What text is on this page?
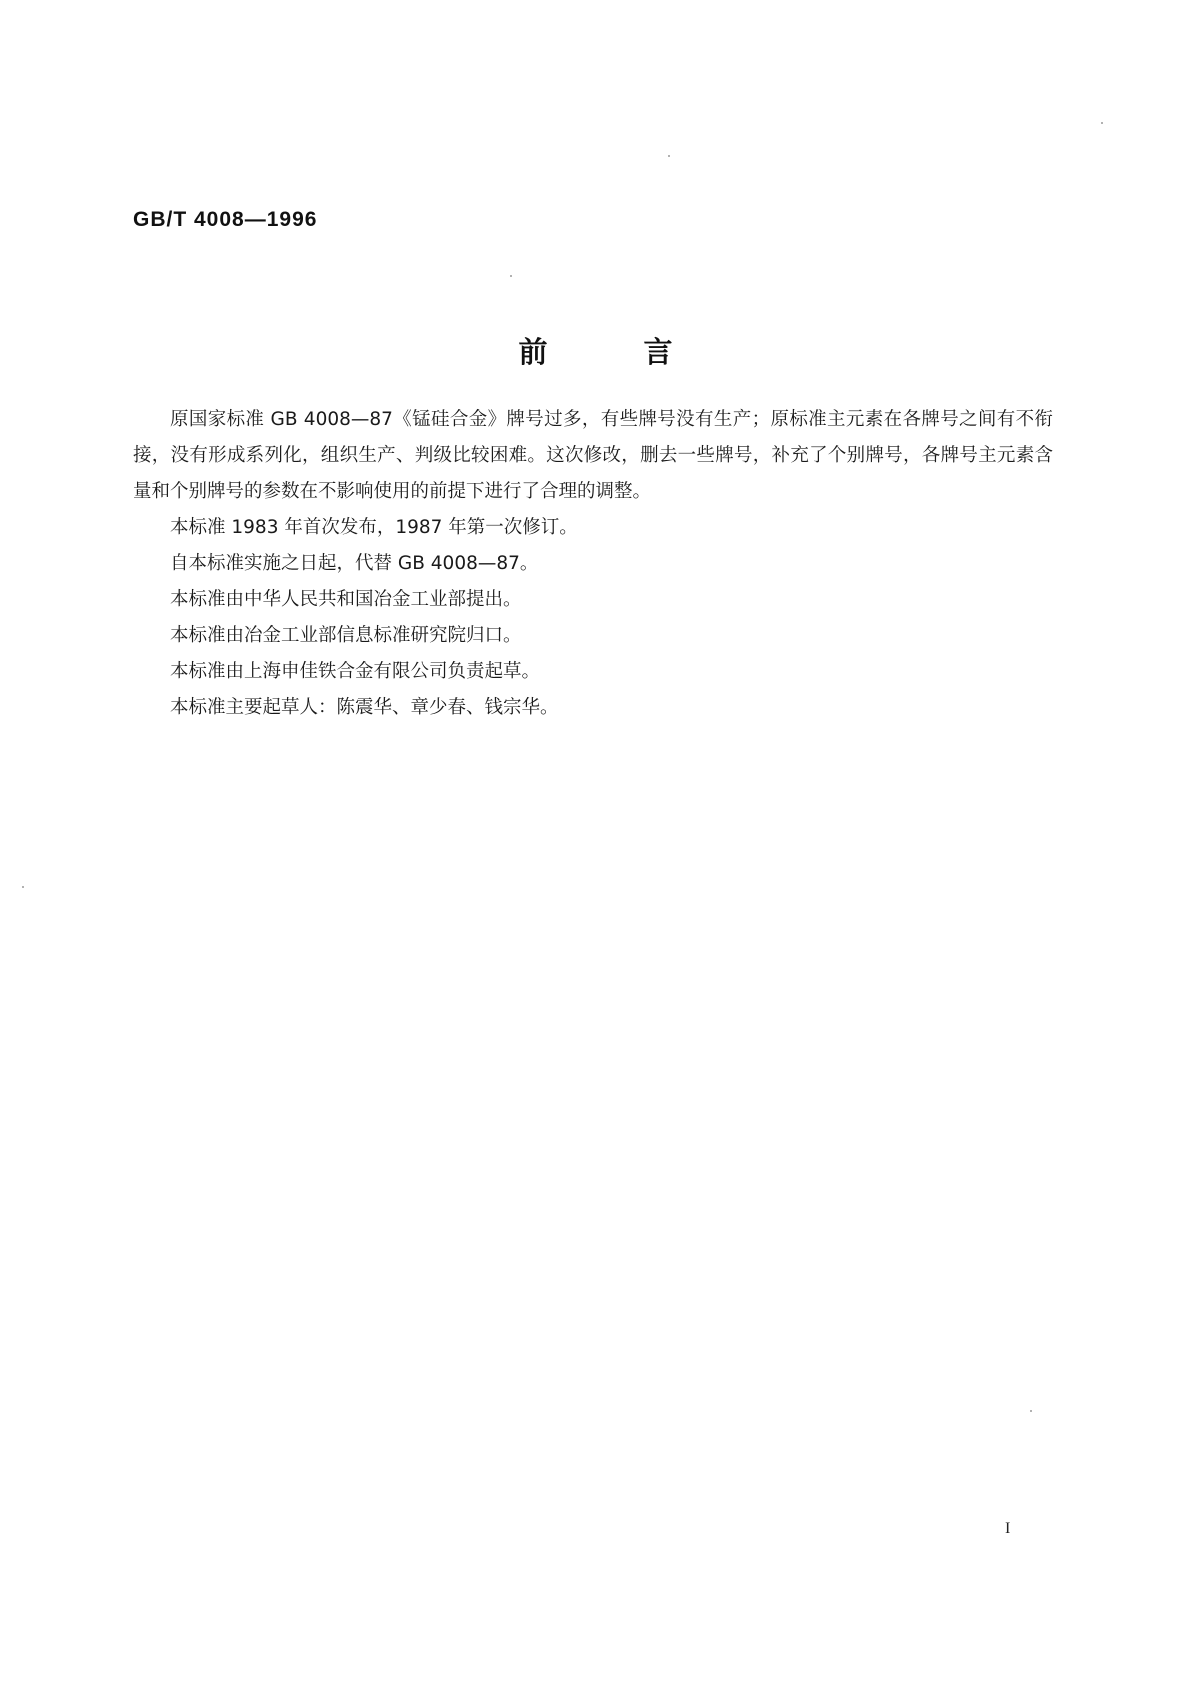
GB/T 4008—1996
前言

原国家标准 GB 4008—87《锰硅合金》牌号过多，有些牌号没有生产；原标准主元素在各牌号之间有不衔接，没有形成系列化，组织生产、判级比较困难。这次修改，删去一些牌号，补充了个别牌号，各牌号主元素含量和个别牌号的参数在不影响使用的前提下进行了合理的调整。

本标准 1983 年首次发布，1987 年第一次修订。

自本标准实施之日起，代替 GB 4008—87。

本标准由中华人民共和国冶金工业部提出。

本标准由冶金工业部信息标准研究院归口。

本标准由上海申佳铁合金有限公司负责起草。

本标准主要起草人：陈震华、章少春、钱宗华。

I
